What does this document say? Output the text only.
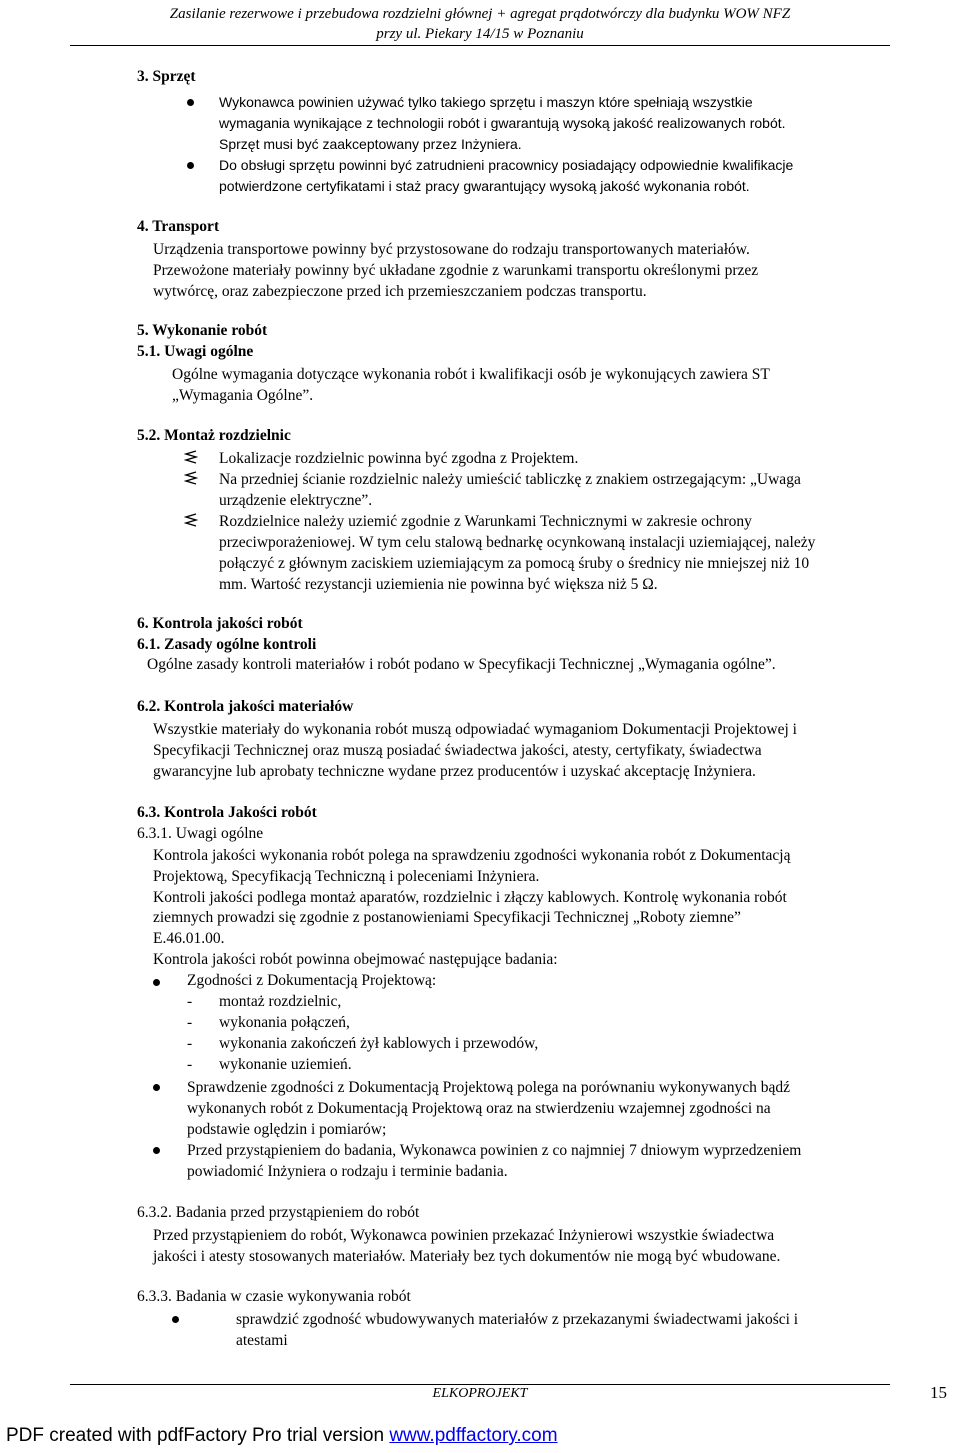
Zasilanie rezerwowe i przebudowa rozdzielni głównej + agregat prądotwórczy dla budynku WOW NFZ
przy ul. Piekary 14/15 w Poznaniu
3. Sprzęt
Wykonawca powinien używać tylko takiego sprzętu i maszyn które spełniają wszystkie
wymagania wynikające z technologii robót i gwarantują wysoką jakość realizowanych robót.
Sprzęt musi być zaakceptowany przez Inżyniera.
Do obsługi sprzętu powinni być zatrudnieni pracownicy posiadający odpowiednie kwalifikacje
potwierdzone certyfikatami i staż pracy gwarantujący wysoką jakość wykonania robót.
4. Transport
Urządzenia transportowe powinny być przystosowane do rodzaju transportowanych materiałów.
Przewożone materiały powinny być układane zgodnie z warunkami transportu określonymi przez
wytwórcę, oraz zabezpieczone przed ich przemieszczaniem podczas transportu.
5. Wykonanie robót
5.1. Uwagi ogólne
Ogólne wymagania dotyczące wykonania robót i kwalifikacji osób je wykonujących zawiera ST
„Wymagania Ogólne”.
5.2. Montaż rozdzielnic
Lokalizacje rozdzielnic powinna być zgodna z Projektem.
Na przedniej ścianie rozdzielnic należy umieścić tabliczkę z znakiem ostrzegającym: „Uwaga
urządzenie elektryczne”.
Rozdzielnice należy uziemić zgodnie z Warunkami Technicznymi w zakresie ochrony
przeciwporażeniowej. W tym celu stalową bednarkę ocynkowaną instalacji uziemiającej, należy
połączyć z głównym zaciskiem uziemiającym za pomocą śruby o średnicy nie mniejszej niż 10
mm. Wartość rezystancji uziemienia nie powinna być większa niż 5 Ω.
6. Kontrola jakości robót
6.1. Zasady ogólne kontroli
Ogólne zasady kontroli materiałów i robót podano w Specyfikacji Technicznej „Wymagania ogólne”.
6.2. Kontrola jakości materiałów
Wszystkie materiały do wykonania robót muszą odpowiadać wymaganiom Dokumentacji Projektowej i
Specyfikacji Technicznej oraz muszą posiadać świadectwa jakości, atesty, certyfikaty, świadectwa
gwarancyjne lub aprobaty techniczne wydane przez producentów i uzyskać akceptację Inżyniera.
6.3. Kontrola Jakości robót
6.3.1. Uwagi ogólne
Kontrola jakości wykonania robót polega na sprawdzeniu zgodności wykonania robót z Dokumentacją
Projektową, Specyfikacją Techniczną i poleceniami Inżyniera.
Kontroli jakości podlega montaż aparatów, rozdzielnic i złączy kablowych. Kontrolę wykonania robót
ziemnych prowadzi się zgodnie z postanowieniami Specyfikacji Technicznej „Roboty ziemne”
E.46.01.00.
Kontrola jakości robót powinna obejmować następujące badania:
Zgodności z Dokumentacją Projektową:
- montaż rozdzielnic,
- wykonania połączeń,
- wykonania zakończeń żył kablowych i przewodów,
- wykonanie uziemień.
Sprawdzenie zgodności z Dokumentacją Projektową polega na porównaniu wykonywanych bądź
wykonanych robót z Dokumentacją Projektową oraz na stwierdzeniu wzajemnej zgodności na
podstawie oględzin i pomiarów;
Przed przystąpieniem do badania, Wykonawca powinien z co najmniej 7 dniowym wyprzedzeniem
powiadomić Inżyniera o rodzaju i terminie badania.
6.3.2. Badania przed przystąpieniem do robót
Przed przystąpieniem do robót, Wykonawca powinien przekazać Inżynierowi wszystkie świadectwa
jakości i atesty stosowanych materiałów. Materiały bez tych dokumentów nie mogą być wbudowane.
6.3.3. Badania w czasie wykonywania robót
sprawdzić zgodność wbudowywanych materiałów z przekazanymi świadectwami jakości i
atestami
ELKOPROJEKT	15
PDF created with pdfFactory Pro trial version www.pdffactory.com
